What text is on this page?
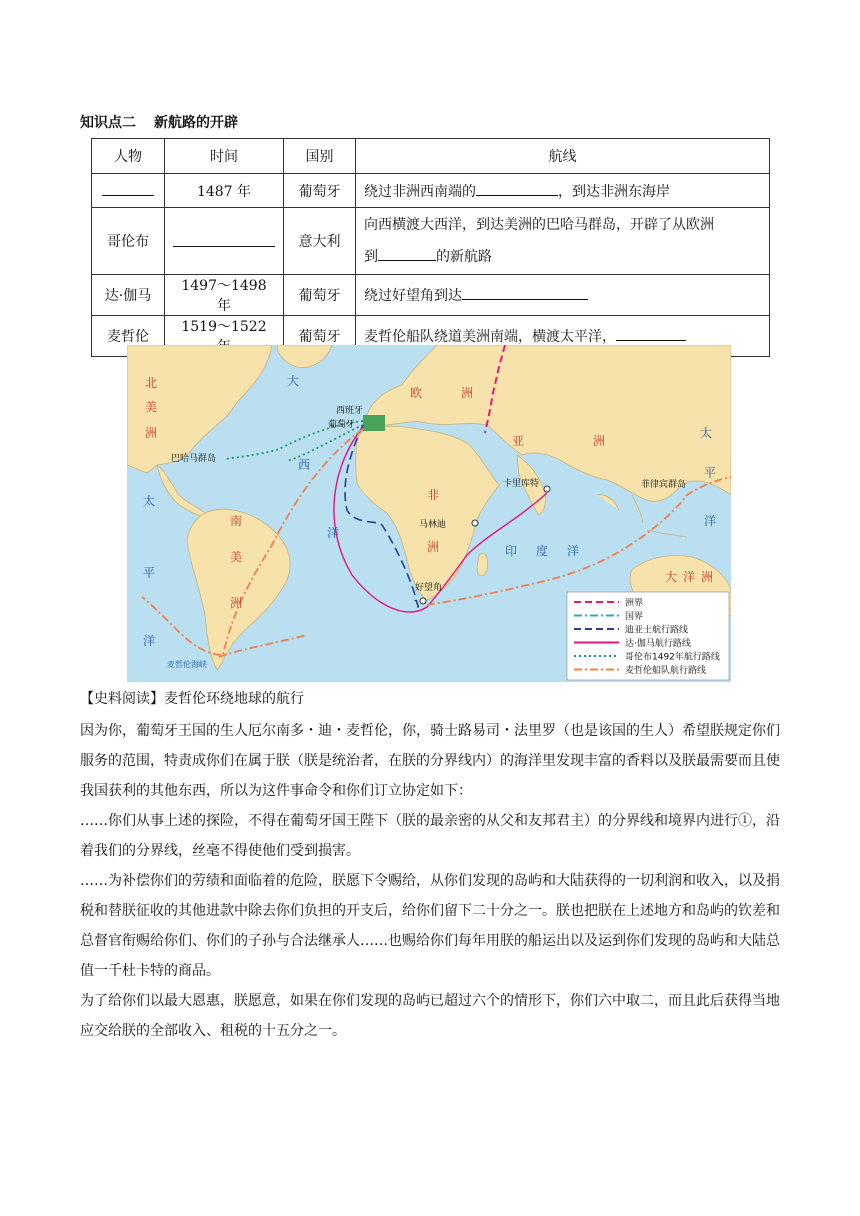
知识点二 新航路的开辟
人物	时间	国别	航线
	1487 年	葡萄牙	绕过非洲西南端的 ，到达非洲东海岸
哥伦布		意大利	向西横渡大西洋，到达美洲的巴哈马群岛，开辟了从欧洲
到 的新航路

达·伽马	1497～1498 年	葡萄牙	绕过好望角到达
麦哲伦	1519～1522	葡萄牙	麦哲伦船队绕道美洲南端，横渡太平洋，
北
美
洲
南
美
洲
非
洲
欧	洲
亚	洲
大 洋 洲
大
西
洋
太
平
洋
太
平
洋
印 度 洋
西班牙
葡萄牙
巴哈马群岛
卡里库特
马林迪
好望角
菲律宾群岛
麦哲伦海峡
洲界
国界
迪亚士航行路线
达·伽马航行路线
哥伦布1492年航行路线
麦哲伦船队航行路线
【史料阅读】麦哲伦环绕地球的航行

因为你，葡萄牙王国的生人厄尔南多・迪・麦哲伦，你，骑士路易司・法里罗（也是该国的生人）希望朕规定你们服务的范围，特责成你们在属于朕（朕是统治者，在朕的分界线内）的海洋里发现丰富的香料以及朕最需要而且使我国获利的其他东西，所以为这件事命令和你们订立协定如下：

……你们从事上述的探险，不得在葡萄牙国王陛下（朕的最亲密的从父和友邦君主）的分界线和境界内进行①，沿着我们的分界线，丝毫不得使他们受到损害。

……为补偿你们的劳绩和面临着的危险，朕愿下令赐给，从你们发现的岛屿和大陆获得的一切利润和收入，以及捐税和替朕征收的其他进款中除去你们负担的开支后，给你们留下二十分之一。朕也把朕在上述地方和岛屿的钦差和总督官衔赐给你们、你们的子孙与合法继承人……也赐给你们每年用朕的船运出以及运到你们发现的岛屿和大陆总值一千杜卡特的商品。

为了给你们以最大恩惠，朕愿意，如果在你们发现的岛屿已超过六个的情形下，你们六中取二，而且此后获得当地应交给朕的全部收入、租税的十五分之一。
